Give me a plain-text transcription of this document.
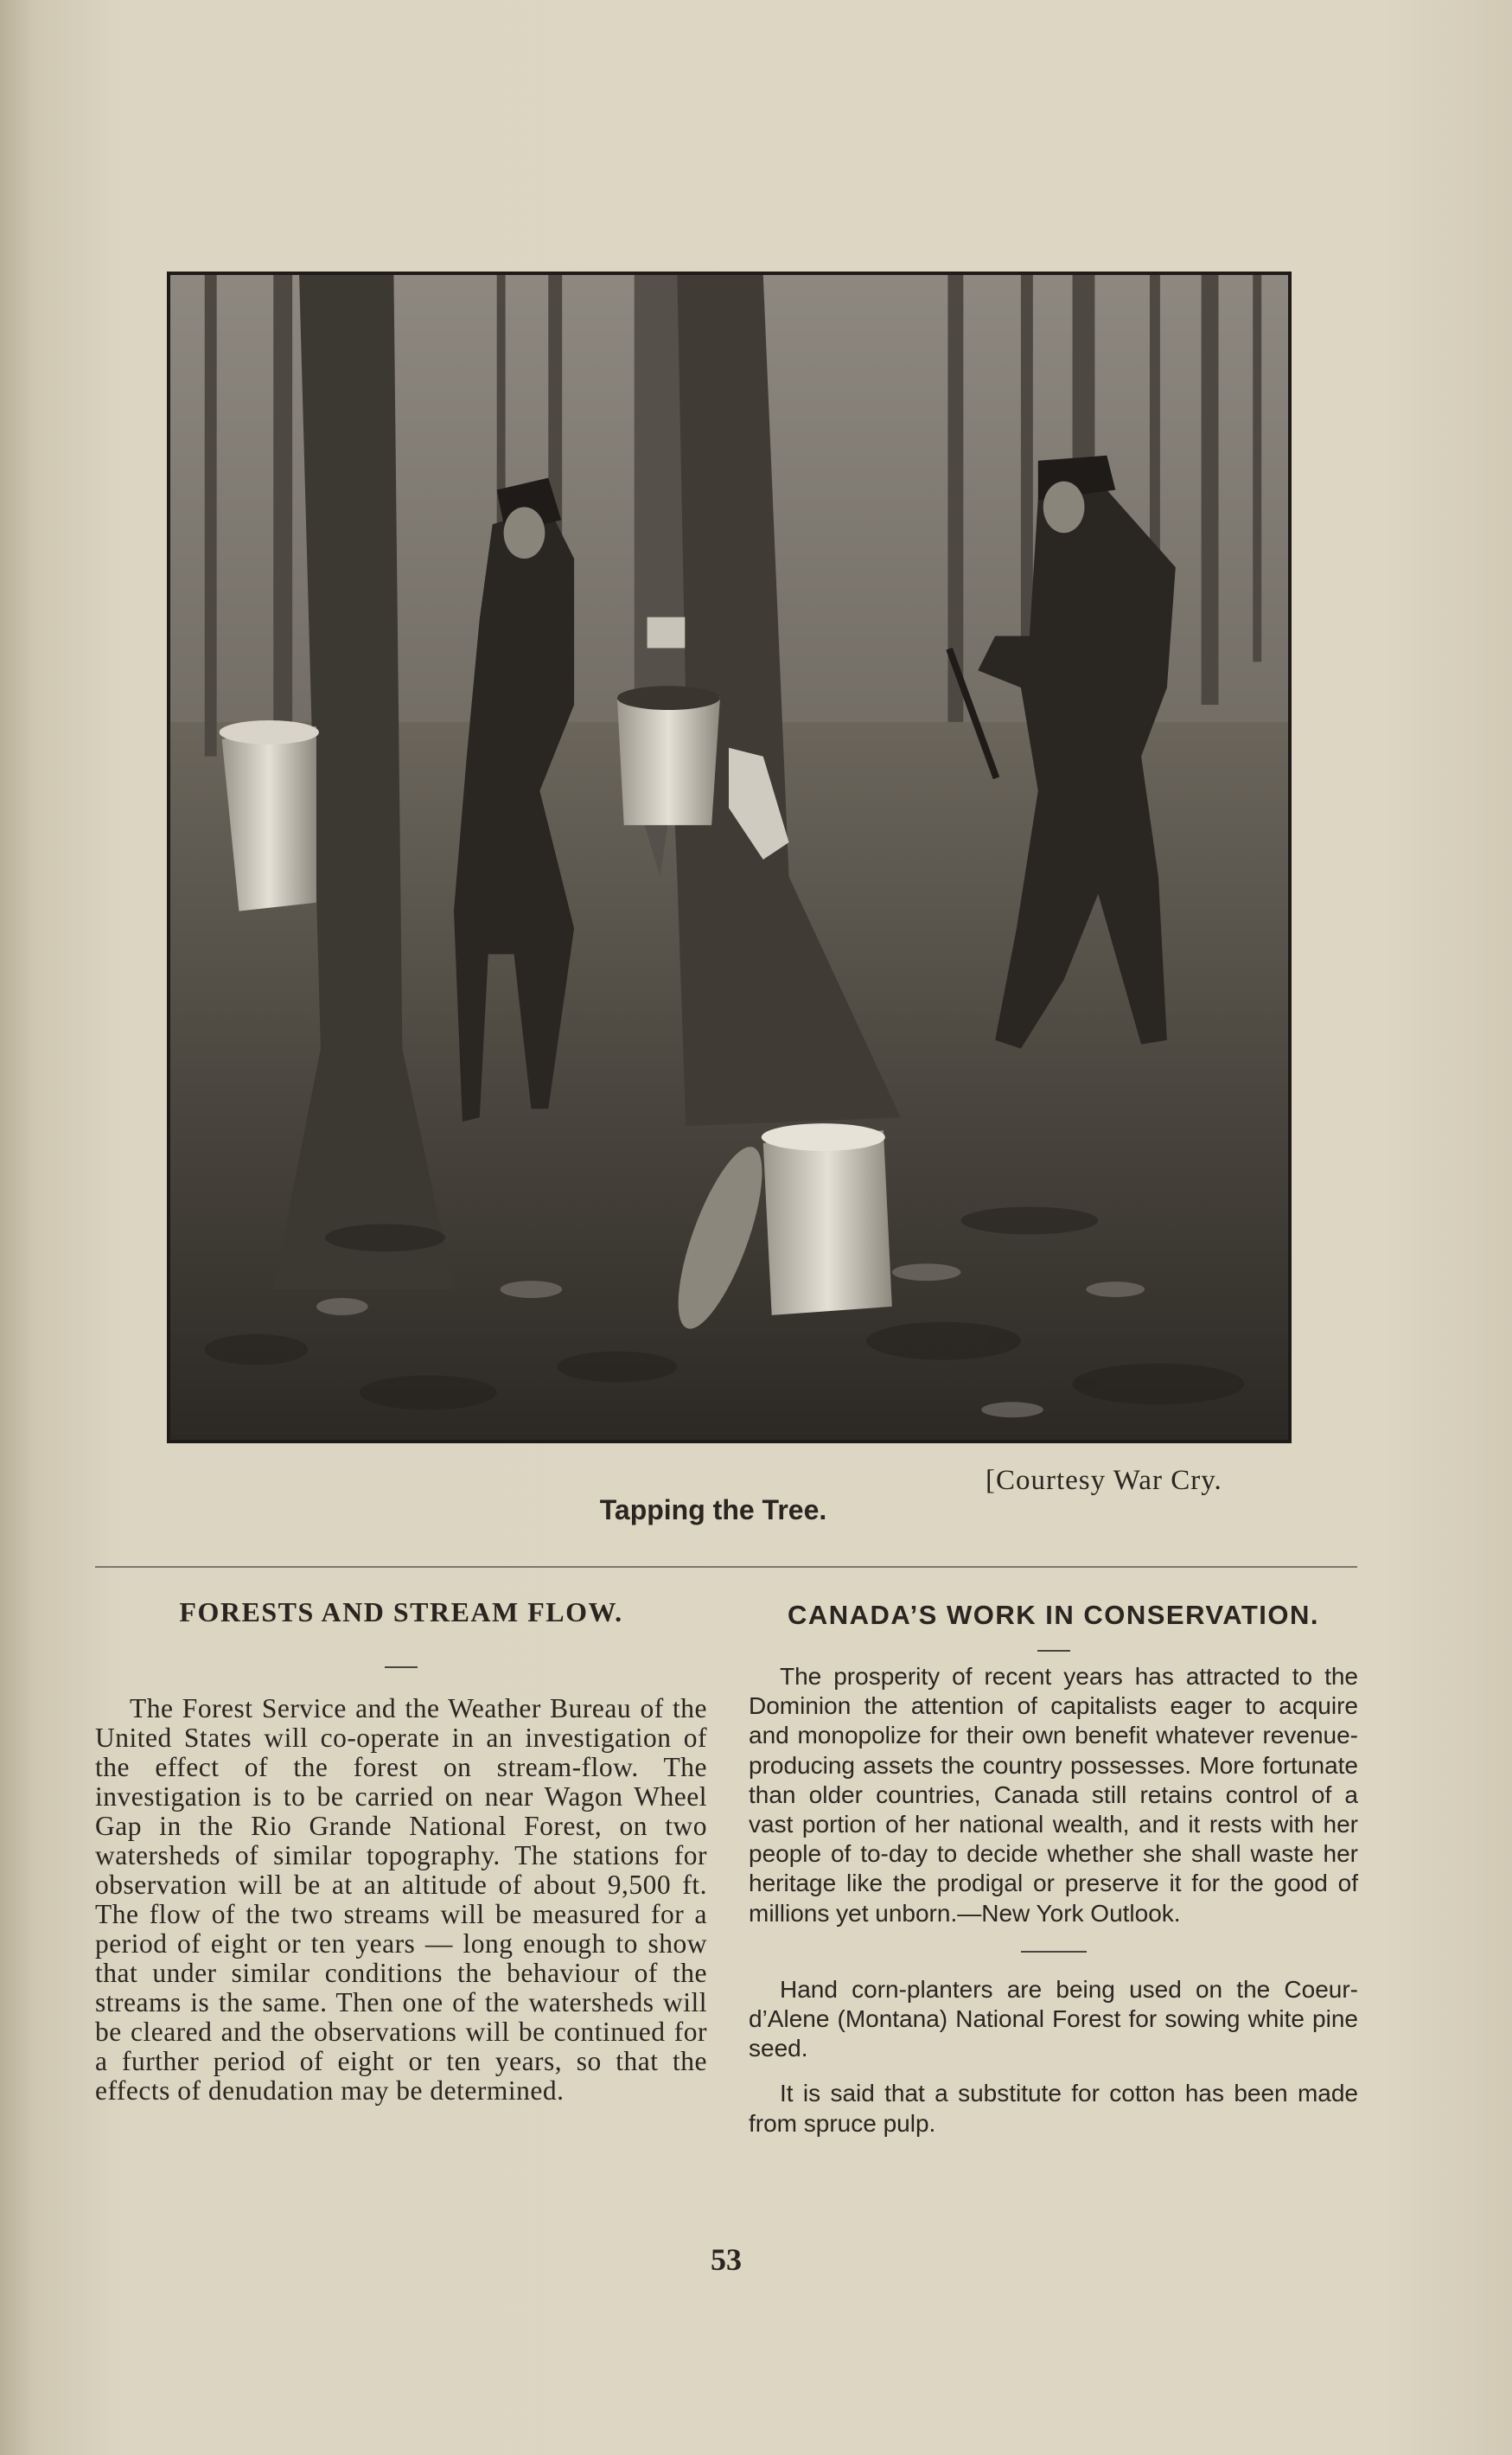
[Courtesy War Cry.
Tapping the Tree.
FORESTS AND STREAM FLOW.

The Forest Service and the Weather Bureau of the United States will co-operate in an investigation of the effect of the forest on stream-flow. The investigation is to be carried on near Wagon Wheel Gap in the Rio Grande National Forest, on two watersheds of similar topography. The stations for observation will be at an altitude of about 9,500 ft. The flow of the two streams will be measured for a period of eight or ten years — long enough to show that under similar conditions the behaviour of the streams is the same. Then one of the watersheds will be cleared and the observations will be continued for a further period of eight or ten years, so that the effects of denudation may be determined.

CANADA’S WORK IN CONSERVATION.

The prosperity of recent years has attracted to the Dominion the attention of capitalists eager to acquire and monopolize for their own benefit whatever revenue-producing assets the country possesses. More fortunate than older countries, Canada still retains control of a vast portion of her national wealth, and it rests with her people of to-day to decide whether she shall waste her heritage like the prodigal or preserve it for the good of millions yet unborn.—New York Outlook.

Hand corn-planters are being used on the Coeur-d’Alene (Montana) National Forest for sowing white pine seed.

It is said that a substitute for cotton has been made from spruce pulp.

53
